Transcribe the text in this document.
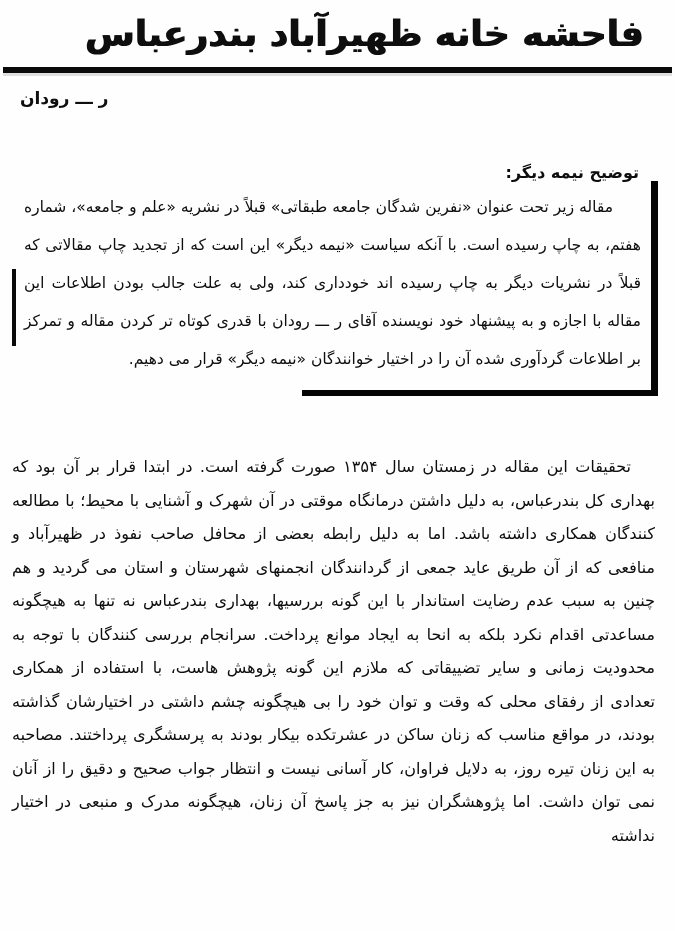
فاحشه خانه ظهیرآباد بندرعباس
ر ـــ رودان
توضیح نیمه دیگر:
مقاله زیر تحت عنوان «نفرین شدگان جامعه طبقاتی» قبلاً در نشریه «علم و جامعه»، شماره هفتم، به چاپ رسیده است. با آنکه سیاست «نیمه دیگر» این است که از تجدید چاپ مقالاتی که قبلاً در نشریات دیگر به چاپ رسیده اند خودداری کند، ولی به علت جالب بودن اطلاعات این مقاله با اجازه و به پیشنهاد خود نویسنده آقای ر ـــ رودان با قدری کوتاه تر کردن مقاله و تمرکز بر اطلاعات گردآوری شده آن را در اختیار خوانندگان «نیمه دیگر» قرار می دهیم.
تحقیقات این مقاله در زمستان سال ۱۳۵۴ صورت گرفته است. در ابتدا قرار بر آن بود که بهداری کل بندرعباس، به دلیل داشتن درمانگاه موقتی در آن شهرک و آشنایی با محیط؛ با مطالعه کنندگان همکاری داشته باشد. اما به دلیل رابطه بعضی از محافل صاحب نفوذ در ظهیرآباد و منافعی که از آن طریق عاید جمعی از گردانندگان انجمنهای شهرستان و استان می گردید و هم چنین به سبب عدم رضایت استاندار با این گونه بررسیها، بهداری بندرعباس نه تنها به هیچگونه مساعدتی اقدام نکرد بلکه به انحا به ایجاد موانع پرداخت. سرانجام بررسی کنندگان با توجه به محدودیت زمانی و سایر تضییقاتی که ملازم این گونه پژوهش هاست، با استفاده از همکاری تعدادی از رفقای محلی که وقت و توان خود را بی هیچگونه چشم داشتی در اختیارشان گذاشته بودند، در مواقع مناسب که زنان ساکن در عشرتکده بیکار بودند به پرسشگری پرداختند. مصاحبه به این زنان تیره روز، به دلایل فراوان، کار آسانی نیست و انتظار جواب صحیح و دقیق را از آنان نمی توان داشت. اما پژوهشگران نیز به جز پاسخ آن زنان، هیچگونه مدرک و منبعی در اختیار نداشته
